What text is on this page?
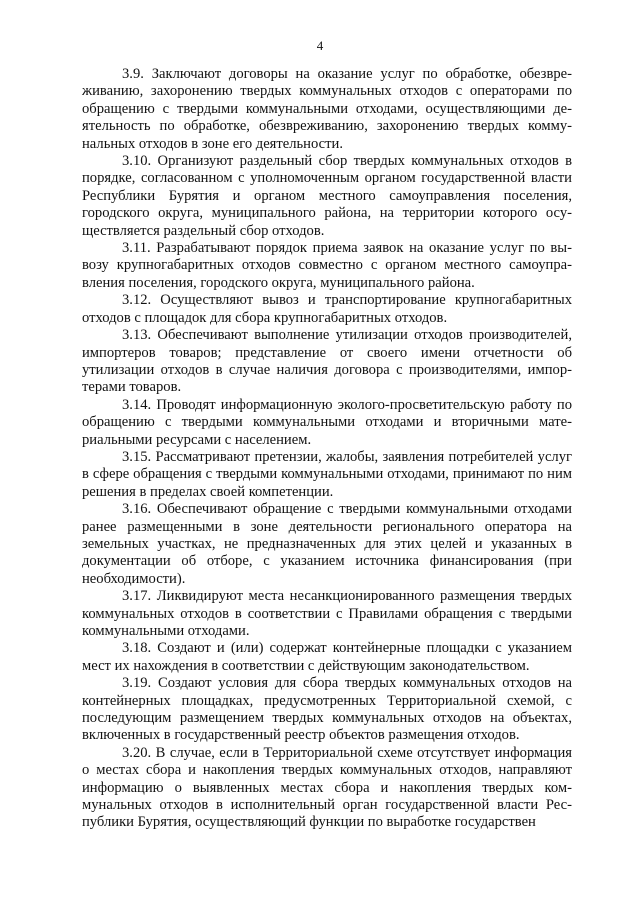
4

3.9. Заключают договоры на оказание услуг по обработке, обезвреживанию, захоронению твердых коммунальных отходов с операторами по обращению с твердыми коммунальными отходами, осуществляющими деятельность по обработке, обезвреживанию, захоронению твердых коммунальных отходов в зоне его деятельности.

3.10. Организуют раздельный сбор твердых коммунальных отходов в порядке, согласованном с уполномоченным органом государственной власти Республики Бурятия и органом местного самоуправления поселения, городского округа, муниципального района, на территории которого осуществляется раздельный сбор отходов.

3.11. Разрабатывают порядок приема заявок на оказание услуг по вывозу крупногабаритных отходов совместно с органом местного самоуправления поселения, городского округа, муниципального района.

3.12. Осуществляют вывоз и транспортирование крупногабаритных отходов с площадок для сбора крупногабаритных отходов.

3.13. Обеспечивают выполнение утилизации отходов производителей, импортеров товаров; представление от своего имени отчетности об утилизации отходов в случае наличия договора с производителями, импортерами товаров.

3.14. Проводят информационную эколого-просветительскую работу по обращению с твердыми коммунальными отходами и вторичными материальными ресурсами с населением.

3.15. Рассматривают претензии, жалобы, заявления потребителей услуг в сфере обращения с твердыми коммунальными отходами, принимают по ним решения в пределах своей компетенции.

3.16. Обеспечивают обращение с твердыми коммунальными отходами ранее размещенными в зоне деятельности регионального оператора на земельных участках, не предназначенных для этих целей и указанных в документации об отборе, с указанием источника финансирования (при необходимости).

3.17. Ликвидируют места несанкционированного размещения твердых коммунальных отходов в соответствии с Правилами обращения с твердыми коммунальными отходами.

3.18. Создают и (или) содержат контейнерные площадки с указанием мест их нахождения в соответствии с действующим законодательством.

3.19. Создают условия для сбора твердых коммунальных отходов на контейнерных площадках, предусмотренных Территориальной схемой, с последующим размещением твердых коммунальных отходов на объектах, включенных в государственный реестр объектов размещения отходов.

3.20. В случае, если в Территориальной схеме отсутствует информация о местах сбора и накопления твердых коммунальных отходов, направляют информацию о выявленных местах сбора и накопления твердых коммунальных отходов в исполнительный орган государственной власти Республики Бурятия, осуществляющий функции по выработке государствен
